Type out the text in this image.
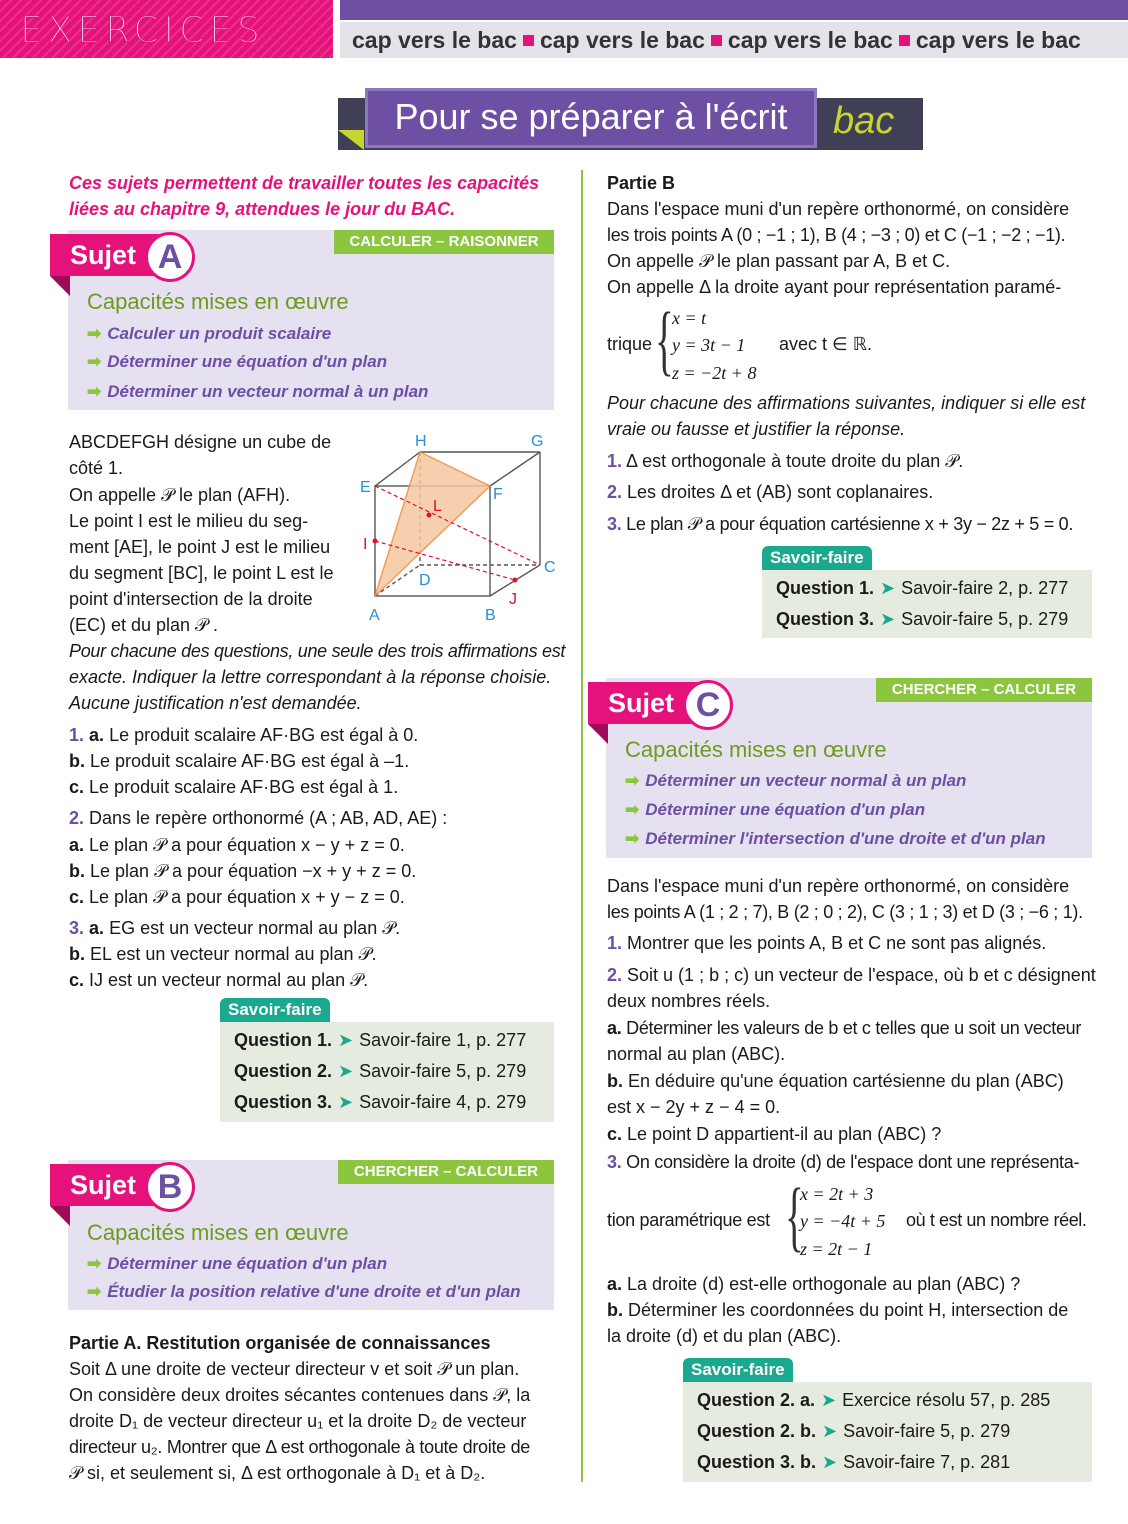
EXERCICES	cap vers le bac cap vers le bac cap vers le bac cap vers le bac
Pour se préparer à l'écrit	bac
Ces sujets permettent de travailler toutes les capacités
liées au chapitre 9, attendues le jour du BAC.
CALCULER – RAISONNER
Sujet A
Capacités mises en œuvre
➡ Calculer un produit scalaire
➡ Déterminer une équation d'un plan
➡ Déterminer un vecteur normal à un plan
ABCDEFGH désigne un cube de
côté 1.
On appelle 𝒫 le plan (AFH).
Le point I est le milieu du seg-
ment [AE], le point J est le milieu
du segment [BC], le point L est le
point d'intersection de la droite
(EC) et du plan 𝒫 .
H	G
E	F
I
C
D
A	B
J
L
Pour chacune des questions, une seule des trois affirmations est
exacte. Indiquer la lettre correspondant à la réponse choisie.
Aucune justification n'est demandée.
1. a. Le produit scalaire AF·BG est égal à 0.
b. Le produit scalaire AF·BG est égal à –1.
c. Le produit scalaire AF·BG est égal à 1.
2. Dans le repère orthonormé (A ; AB, AD, AE) :
a. Le plan 𝒫 a pour équation x − y + z = 0.
b. Le plan 𝒫 a pour équation −x + y + z = 0.
c. Le plan 𝒫 a pour équation x + y − z = 0.
3. a. EG est un vecteur normal au plan 𝒫.
b. EL est un vecteur normal au plan 𝒫.
c. IJ est un vecteur normal au plan 𝒫.
Savoir-faire
Question 1. ➤ Savoir-faire 1, p. 277
Question 2. ➤ Savoir-faire 5, p. 279
Question 3. ➤ Savoir-faire 4, p. 279
CHERCHER – CALCULER
Sujet B
Capacités mises en œuvre
➡ Déterminer une équation d'un plan
➡ Étudier la position relative d'une droite et d'un plan
Partie A. Restitution organisée de connaissances
Soit Δ une droite de vecteur directeur v et soit 𝒫 un plan.
On considère deux droites sécantes contenues dans 𝒫, la
droite D₁ de vecteur directeur u₁ et la droite D₂ de vecteur
directeur u₂. Montrer que Δ est orthogonale à toute droite de
𝒫 si, et seulement si, Δ est orthogonale à D₁ et à D₂.
Partie B
Dans l'espace muni d'un repère orthonormé, on considère
les trois points A (0 ; −1 ; 1), B (4 ; −3 ; 0) et C (−1 ; −2 ; −1).
On appelle 𝒫 le plan passant par A, B et C.
On appelle Δ la droite ayant pour représentation paramé-
trique {
x = t
y = 3t − 1
z = −2t + 8
avec t ∈ ℝ.
Pour chacune des affirmations suivantes, indiquer si elle est
vraie ou fausse et justifier la réponse.
1. Δ est orthogonale à toute droite du plan 𝒫.
2. Les droites Δ et (AB) sont coplanaires.
3. Le plan 𝒫 a pour équation cartésienne x + 3y − 2z + 5 = 0.
Savoir-faire
Question 1. ➤ Savoir-faire 2, p. 277
Question 3. ➤ Savoir-faire 5, p. 279
CHERCHER – CALCULER
Sujet C
Capacités mises en œuvre
➡ Déterminer un vecteur normal à un plan
➡ Déterminer une équation d'un plan
➡ Déterminer l'intersection d'une droite et d'un plan
Dans l'espace muni d'un repère orthonormé, on considère
les points A (1 ; 2 ; 7), B (2 ; 0 ; 2), C (3 ; 1 ; 3) et D (3 ; −6 ; 1).
1. Montrer que les points A, B et C ne sont pas alignés.
2. Soit u (1 ; b ; c) un vecteur de l'espace, où b et c désignent
deux nombres réels.
a. Déterminer les valeurs de b et c telles que u soit un vecteur
normal au plan (ABC).
b. En déduire qu'une équation cartésienne du plan (ABC)
est x − 2y + z − 4 = 0.
c. Le point D appartient-il au plan (ABC) ?
3. On considère la droite (d) de l'espace dont une représenta-
tion paramétrique est {
x = 2t + 3
y = −4t + 5
z = 2t − 1
où t est un nombre réel.
a. La droite (d) est-elle orthogonale au plan (ABC) ?
b. Déterminer les coordonnées du point H, intersection de
la droite (d) et du plan (ABC).
Savoir-faire
Question 2. a. ➤ Exercice résolu 57, p. 285
Question 2. b. ➤ Savoir-faire 5, p. 279
Question 3. b. ➤ Savoir-faire 7, p. 281
